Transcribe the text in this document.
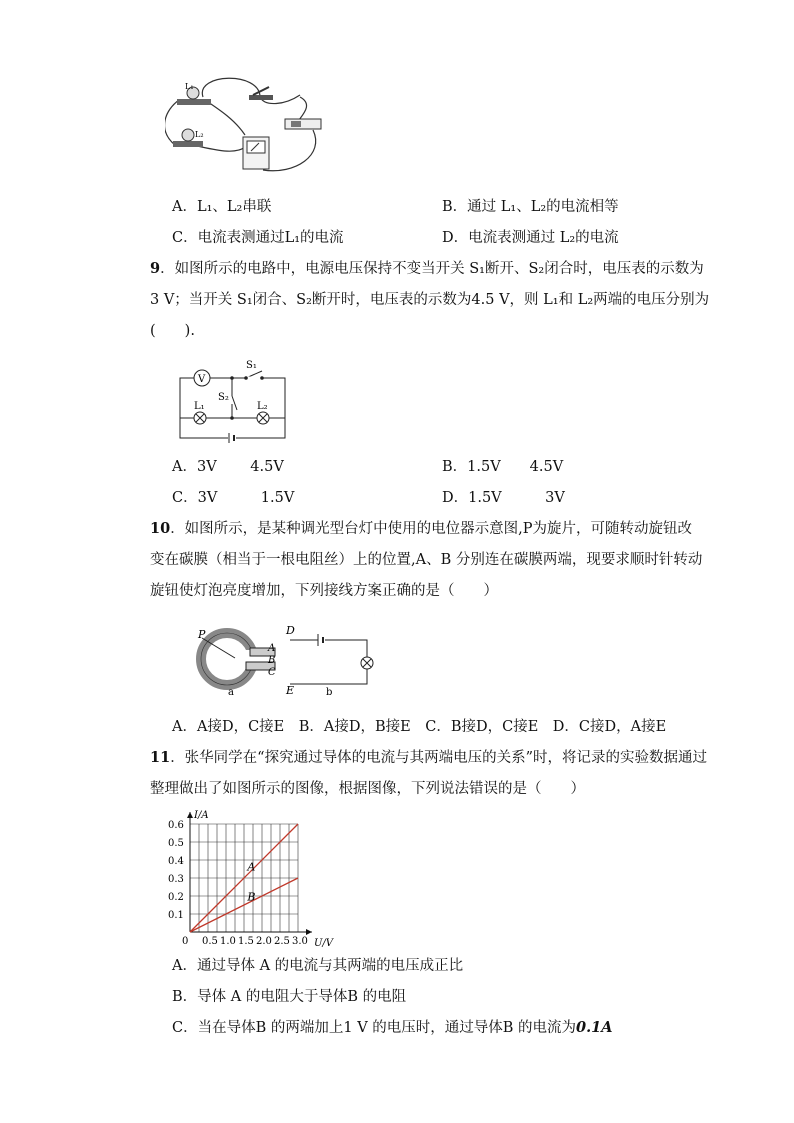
L₁
L₂
A．L₁、L₂串联	B．通过 L₁、L₂的电流相等
C．电流表测通过L₁的电流	D．电流表测通过 L₂的电流
9．如图所示的电路中，电源电压保持不变当开关 S₁断开、S₂闭合时，电压表的示数为
3 V；当开关 S₁闭合、S₂断开时，电压表的示数为4.5 V，则 L₁和 L₂两端的电压分别为
(　　).
V
S₁
S₂
L₁	L₂
A．3V　　 4.5V	B．1.5V　　4.5V
C．3V　　　1.5V	D．1.5V　　　3V
10．如图所示，是某种调光型台灯中使用的电位器示意图,P为旋片，可随转动旋钮改
变在碳膜（相当于一根电阻丝）上的位置,A、B 分别连在碳膜两端，现要求顺时针转动
旋钮使灯泡亮度增加，下列接线方案正确的是（　　）
P
A
B
C
a
D
E	b
A．A接D，C接E　B．A接D，B接E　C．B接D，C接E　D．C接D，A接E
11．张华同学在“探究通过导体的电流与其两端电压的关系”时，将记录的实验数据通过
整理做出了如图所示的图像，根据图像，下列说法错误的是（　　）
0 0.5 1.0 1.5 2.0 2.5 3.0
0.1
0.2
0.3
0.4
0.5
0.6
U/V
I/A
A
B
A．通过导体 A 的电流与其两端的电压成正比
B．导体 A 的电阻大于导体B 的电阻
C．当在导体B 的两端加上1 V 的电压时，通过导体B 的电流为0.1A
